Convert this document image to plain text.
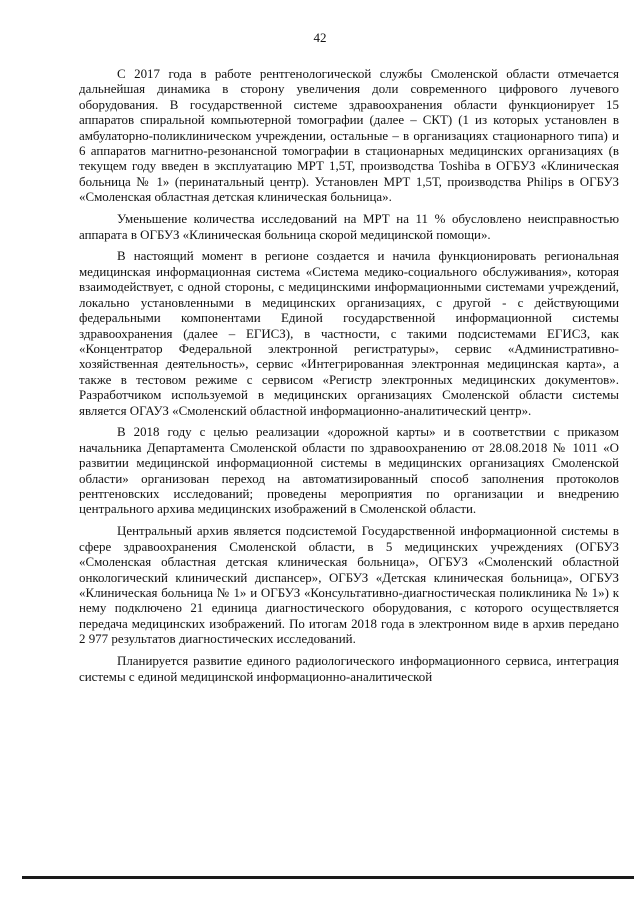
42

С 2017 года в работе рентгенологической службы Смоленской области отмечается дальнейшая динамика в сторону увеличения доли современного цифрового лучевого оборудования. В государственной системе здравоохранения области функционирует 15 аппаратов спиральной компьютерной томографии (далее – СКТ) (1 из которых установлен в амбулаторно-поликлиническом учреждении, остальные – в организациях стационарного типа) и 6 аппаратов магнитно-резонансной томографии в стационарных медицинских организациях (в текущем году введен в эксплуатацию МРТ 1,5Т, производства Toshiba в ОГБУЗ «Клиническая больница № 1» (перинатальный центр). Установлен МРТ 1,5Т, производства Philips в ОГБУЗ «Смоленская областная детская клиническая больница».

Уменьшение количества исследований на МРТ на 11 % обусловлено неисправностью аппарата в ОГБУЗ «Клиническая больница скорой медицинской помощи».

В настоящий момент в регионе создается и начила функционировать региональная медицинская информационная система «Система медико-социального обслуживания», которая взаимодействует, с одной стороны, с медицинскими информационными системами учреждений, локально установленными в медицинских организациях, с другой - с действующими федеральными компонентами Единой государственной информационной системы здравоохранения (далее – ЕГИСЗ), в частности, с такими подсистемами ЕГИСЗ, как «Концентратор Федеральной электронной регистратуры», сервис «Административно-хозяйственная деятельность», сервис «Интегрированная электронная медицинская карта», а также в тестовом режиме с сервисом «Регистр электронных медицинских документов». Разработчиком используемой в медицинских организациях Смоленской области системы является ОГАУЗ «Смоленский областной информационно-аналитический центр».

В 2018 году с целью реализации «дорожной карты» и в соответствии с приказом начальника Департамента Смоленской области по здравоохранению от 28.08.2018 № 1011 «О развитии медицинской информационной системы в медицинских организациях Смоленской области» организован переход на автоматизированный способ заполнения протоколов рентгеновских исследований; проведены мероприятия по организации и внедрению центрального архива медицинских изображений в Смоленской области.

Центральный архив является подсистемой Государственной информационной системы в сфере здравоохранения Смоленской области, в 5 медицинских учреждениях (ОГБУЗ «Смоленская областная детская клиническая больница», ОГБУЗ «Смоленский областной онкологический клинический диспансер», ОГБУЗ «Детская клиническая больница», ОГБУЗ «Клиническая больница № 1» и ОГБУЗ «Консультативно-диагностическая поликлиника № 1») к нему подключено 21 единица диагностического оборудования, с которого осуществляется передача медицинских изображений. По итогам 2018 года в электронном виде в архив передано 2 977 результатов диагностических исследований.

Планируется развитие единого радиологического информационного сервиса, интеграция системы с единой медицинской информационно-аналитической
